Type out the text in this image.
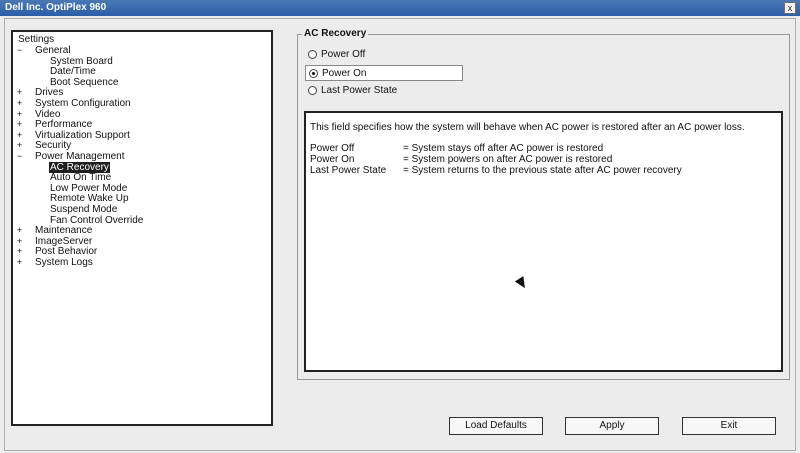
Dell Inc. OptiPlex 960	x
Settings
− General
System Board
Date/Time
Boot Sequence
+ Drives
+ System Configuration
+ Video
+ Performance
+ Virtualization Support
+ Security
− Power Management
AC Recovery
Auto On Time
Low Power Mode
Remote Wake Up
Suspend Mode
Fan Control Override
+ Maintenance
+ ImageServer
+ Post Behavior
+ System Logs
AC Recovery
Power Off
Power On
Last Power State
This field specifies how the system will behave when AC power is restored after an AC power loss.
Power Off	= System stays off after AC power is restored
Power On	= System powers on after AC power is restored
Last Power State	= System returns to the previous state after AC power recovery
Load Defaults	Apply	Exit
